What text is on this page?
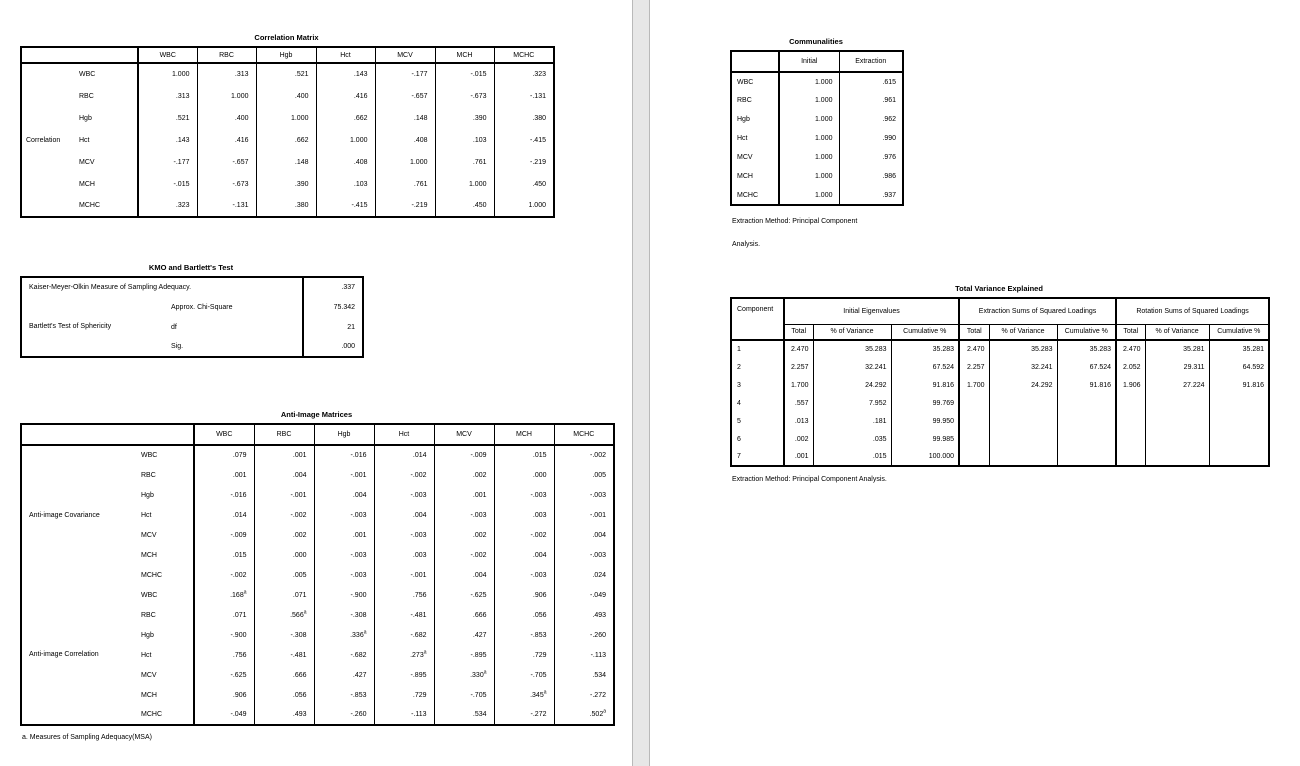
Correlation Matrix
		WBC	RBC	Hgb	Hct	MCV	MCH	MCHC
Correlation	WBC	1.000	.313	.521	.143	-.177	-.015	.323
	RBC	.313	1.000	.400	.416	-.657	-.673	-.131
	Hgb	.521	.400	1.000	.662	.148	.390	.380
	Hct	.143	.416	.662	1.000	.408	.103	-.415
	MCV	-.177	-.657	.148	.408	1.000	.761	-.219
	MCH	-.015	-.673	.390	.103	.761	1.000	.450
	MCHC	.323	-.131	.380	-.415	-.219	.450	1.000
KMO and Bartlett's Test
Kaiser-Meyer-Olkin Measure of Sampling Adequacy.		.337
Bartlett's Test of Sphericity	Approx. Chi-Square	75.342
	df	21
	Sig.	.000
Anti-Image Matrices
		WBC	RBC	Hgb	Hct	MCV	MCH	MCHC
Anti-image Covariance	WBC	.079	.001	-.016	.014	-.009	.015	-.002
	RBC	.001	.004	-.001	-.002	.002	.000	.005
	Hgb	-.016	-.001	.004	-.003	.001	-.003	-.003
	Hct	.014	-.002	-.003	.004	-.003	.003	-.001
	MCV	-.009	.002	.001	-.003	.002	-.002	.004
	MCH	.015	.000	-.003	.003	-.002	.004	-.003
	MCHC	-.002	.005	-.003	-.001	.004	-.003	.024
Anti-image Correlation	WBC	.168$^a$	.071	-.900	.756	-.625	.906	-.049
	RBC	.071	.566$^a$	-.308	-.481	.666	.056	.493
	Hgb	-.900	-.308	.336$^a$	-.682	.427	-.853	-.260
	Hct	.756	-.481	-.682	.273$^a$	-.895	.729	-.113
	MCV	-.625	.666	.427	-.895	.330$^a$	-.705	.534
	MCH	.906	.056	-.853	.729	-.705	.345$^a$	-.272
	MCHC	-.049	.493	-.260	-.113	.534	-.272	.502$^a$
a. Measures of Sampling Adequacy(MSA)
Communalities
	Initial	Extraction
WBC	1.000	.615
RBC	1.000	.961
Hgb	1.000	.962
Hct	1.000	.990
MCV	1.000	.976
MCH	1.000	.986
MCHC	1.000	.937
Extraction Method: Principal Component
Analysis.
Total Variance Explained
Component	Initial Eigenvalues			Extraction Sums of Squared Loadings			Rotation Sums of Squared Loadings		
	Total	% of Variance	Cumulative %	Total	% of Variance	Cumulative %	Total	% of Variance	Cumulative %
1	2.470	35.283	35.283	2.470	35.283	35.283	2.470	35.281	35.281
2	2.257	32.241	67.524	2.257	32.241	67.524	2.052	29.311	64.592
3	1.700	24.292	91.816	1.700	24.292	91.816	1.906	27.224	91.816
4	.557	7.952	99.769						
5	.013	.181	99.950						
6	.002	.035	99.985						
7	.001	.015	100.000						
Extraction Method: Principal Component Analysis.
